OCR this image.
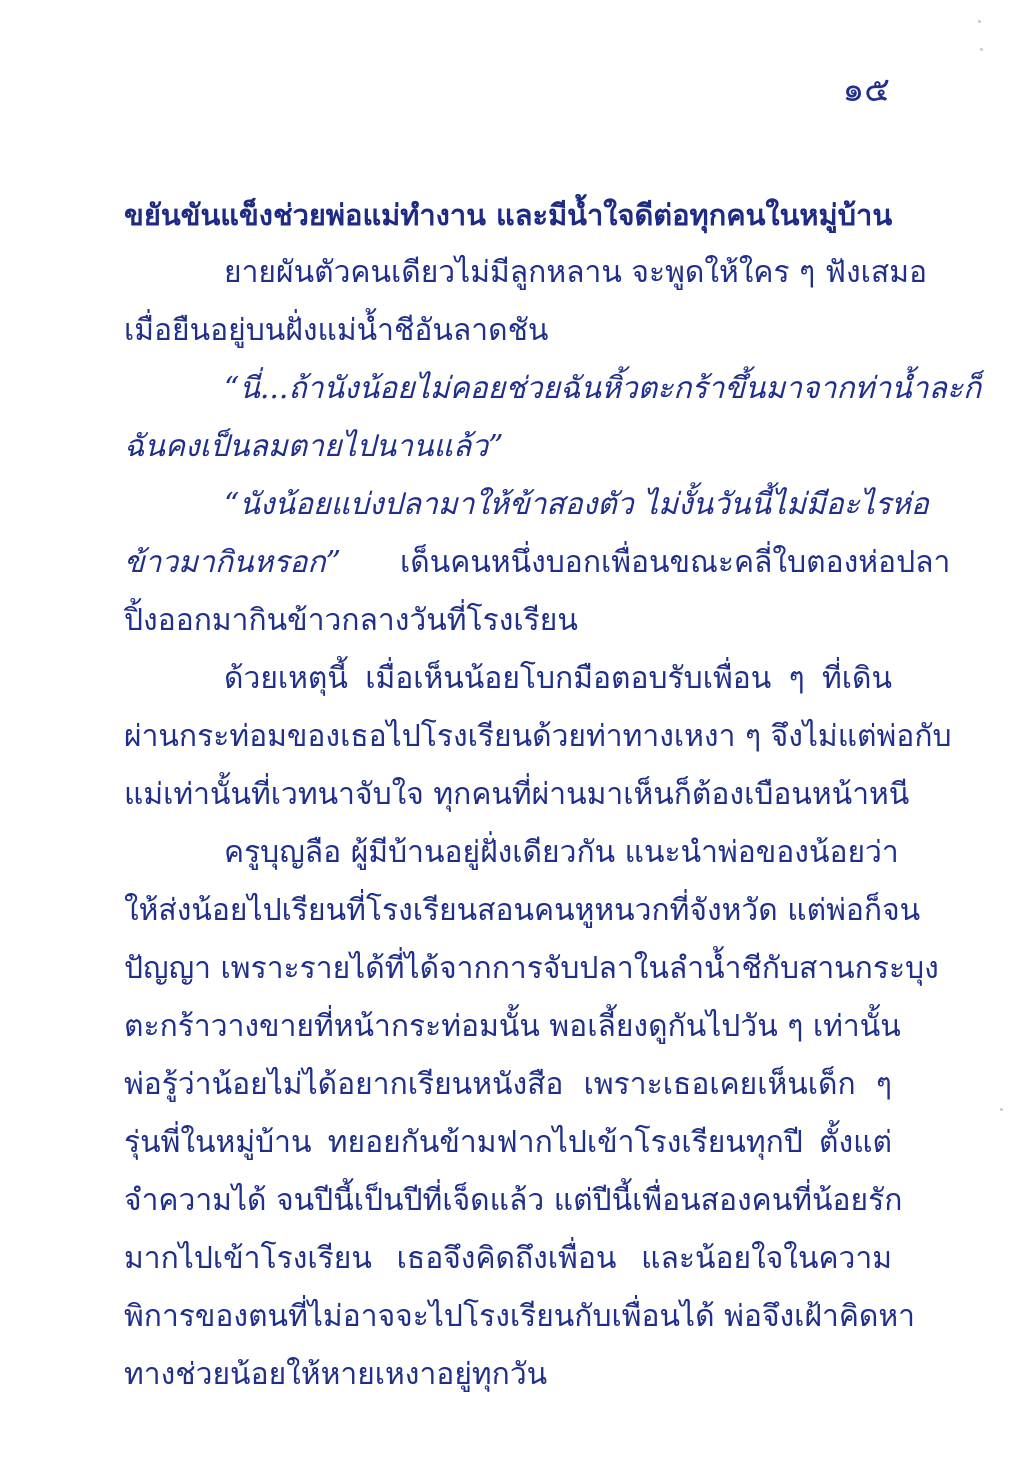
๑๕
ขยันขันแข็งช่วยพ่อแม่ทำงาน และมีน้ำใจดีต่อทุกคนในหมู่บ้าน
ยายผันตัวคนเดียวไม่มีลูกหลาน จะพูดให้ใคร ๆ ฟังเสมอ
เมื่อยืนอยู่บนฝั่งแม่น้ำชีอันลาดชัน
“นี่...ถ้านังน้อยไม่คอยช่วยฉันหิ้วตะกร้าขึ้นมาจากท่าน้ำละก็
ฉันคงเป็นลมตายไปนานแล้ว”
“นังน้อยแบ่งปลามาให้ข้าสองตัว ไม่งั้นวันนี้ไม่มีอะไรห่อ
ข้าวมากินหรอก” เด็นคนหนึ่งบอกเพื่อนขณะคลี่ใบตองห่อปลา
ปิ้งออกมากินข้าวกลางวันที่โรงเรียน
ด้วยเหตุนี้ เมื่อเห็นน้อยโบกมือตอบรับเพื่อน ๆ ที่เดิน
ผ่านกระท่อมของเธอไปโรงเรียนด้วยท่าทางเหงา ๆ จึงไม่แต่พ่อกับ
แม่เท่านั้นที่เวทนาจับใจ ทุกคนที่ผ่านมาเห็นก็ต้องเบือนหน้าหนี
ครูบุญลือ ผู้มีบ้านอยู่ฝั่งเดียวกัน แนะนำพ่อของน้อยว่า
ให้ส่งน้อยไปเรียนที่โรงเรียนสอนคนหูหนวกที่จังหวัด แต่พ่อก็จน
ปัญญา เพราะรายได้ที่ได้จากการจับปลาในลำน้ำชีกับสานกระบุง
ตะกร้าวางขายที่หน้ากระท่อมนั้น พอเลี้ยงดูกันไปวัน ๆ เท่านั้น
พ่อรู้ว่าน้อยไม่ได้อยากเรียนหนังสือ เพราะเธอเคยเห็นเด็ก ๆ
รุ่นพี่ในหมู่บ้าน ทยอยกันข้ามฟากไปเข้าโรงเรียนทุกปี ตั้งแต่
จำความได้ จนปีนี้เป็นปีที่เจ็ดแล้ว แต่ปีนี้เพื่อนสองคนที่น้อยรัก
มากไปเข้าโรงเรียน เธอจึงคิดถึงเพื่อน และน้อยใจในความ
พิการของตนที่ไม่อาจจะไปโรงเรียนกับเพื่อนได้ พ่อจึงเฝ้าคิดหา
ทางช่วยน้อยให้หายเหงาอยู่ทุกวัน
